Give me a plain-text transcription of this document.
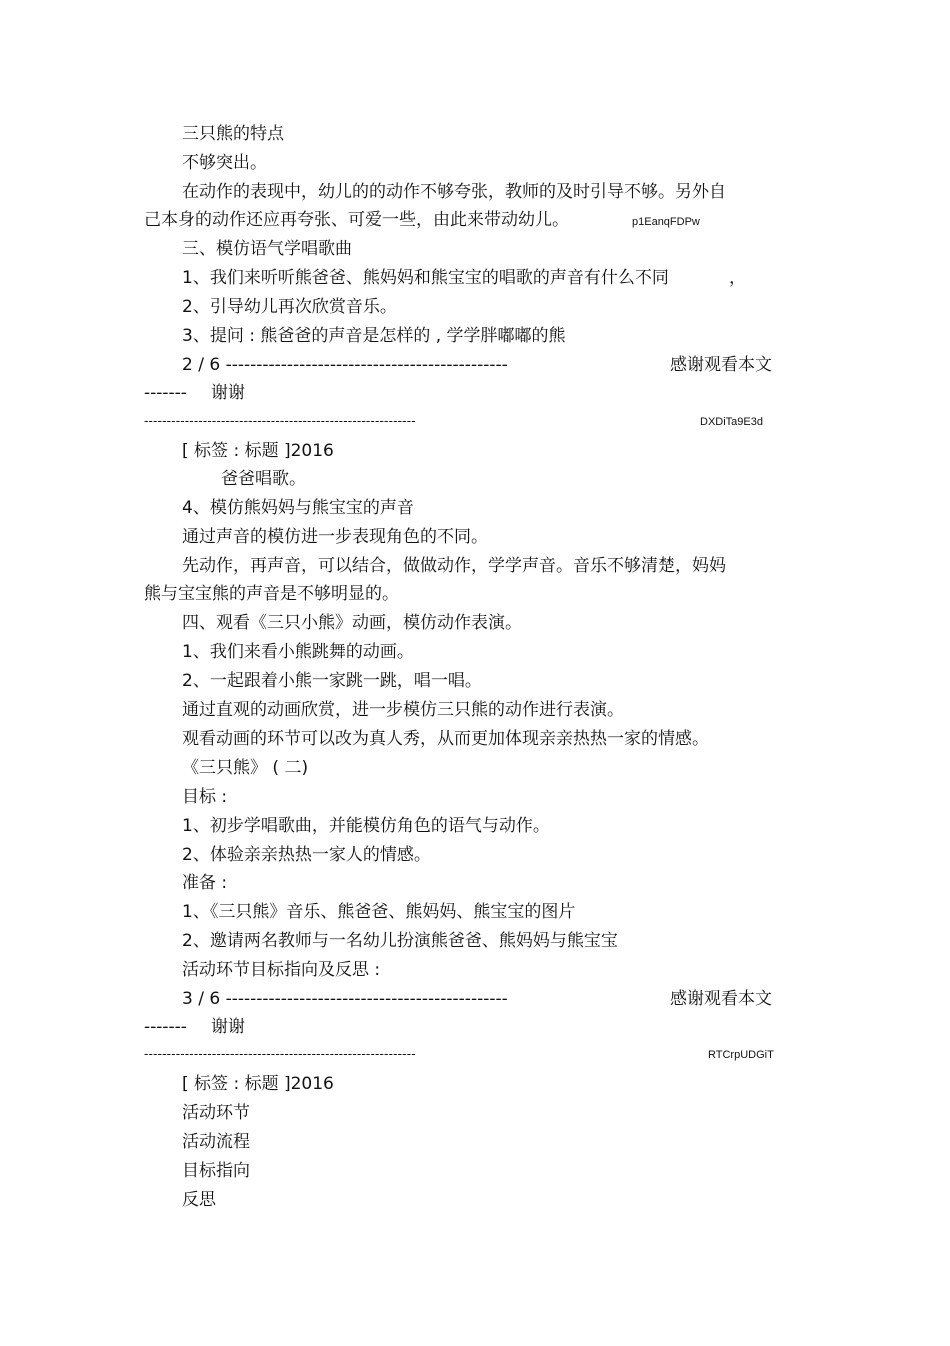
三只熊的特点
不够突出。
在动作的表现中，幼儿的的动作不够夸张，教师的及时引导不够。另外自
己本身的动作还应再夸张、可爱一些，由此来带动幼儿。	p1EanqFDPw
三、模仿语气学唱歌曲
1、我们来听听熊爸爸、熊妈妈和熊宝宝的唱歌的声音有什么不同	，
2、引导幼儿再次欣赏音乐。
3、提问 : 熊爸爸的声音是怎样的 , 学学胖嘟嘟的熊
2 / 6 ----------------------------------------------	感谢观看本文
------- 谢谢
------------------------------------------------------------	DXDiTa9E3d
[ 标签 : 标题 ]2016
爸爸唱歌。
4、模仿熊妈妈与熊宝宝的声音
通过声音的模仿进一步表现角色的不同。
先动作，再声音，可以结合，做做动作，学学声音。音乐不够清楚，妈妈
熊与宝宝熊的声音是不够明显的。
四、观看《三只小熊》动画，模仿动作表演。
1、我们来看小熊跳舞的动画。
2、一起跟着小熊一家跳一跳，唱一唱。
通过直观的动画欣赏，进一步模仿三只熊的动作进行表演。
观看动画的环节可以改为真人秀，从而更加体现亲亲热热一家的情感。
《三只熊》 ( 二)
目标 :
1、初步学唱歌曲，并能模仿角色的语气与动作。
2、体验亲亲热热一家人的情感。
准备 :
1、《三只熊》音乐、熊爸爸、熊妈妈、熊宝宝的图片
2、邀请两名教师与一名幼儿扮演熊爸爸、熊妈妈与熊宝宝
活动环节目标指向及反思 :
3 / 6 ----------------------------------------------	感谢观看本文
------- 谢谢
------------------------------------------------------------	RTCrpUDGiT
[ 标签 : 标题 ]2016
活动环节
活动流程
目标指向
反思
